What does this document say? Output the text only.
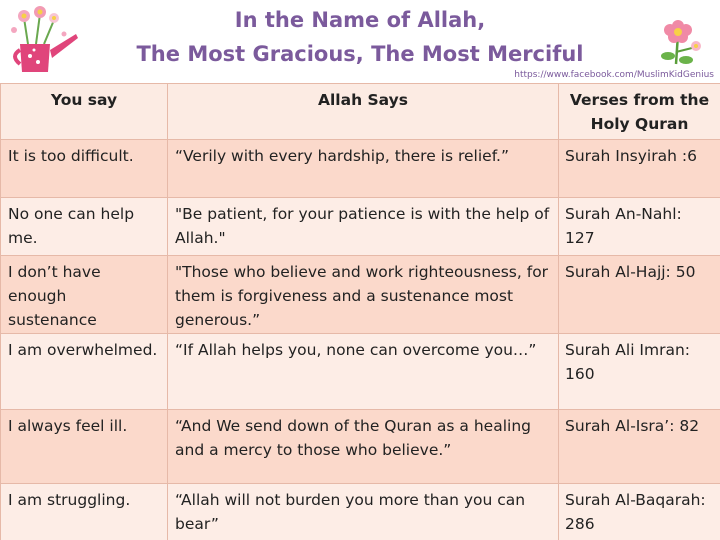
In the Name of Allah,
The Most Gracious, The Most Merciful
https://www.facebook.com/MuslimKidGenius
You say	Allah Says	Verses from the Holy Quran
It is too difficult.	“Verily with every hardship, there is relief.”	Surah Insyirah :6
No one can help me.	"Be patient, for your patience is with the help of Allah."	Surah An-Nahl: 127
I don’t have enough sustenance	"Those who believe and work righteousness, for them is forgiveness and a sustenance most generous.”	Surah Al-Hajj: 50
I am overwhelmed.	“If Allah helps you, none can overcome you…”	Surah Ali Imran: 160
I always feel ill.	“And We send down of the Quran as a healing and a mercy to those who believe.”	Surah Al-Isra’: 82
I am struggling.	“Allah will not burden you more than you can bear”	Surah Al-Baqarah: 286
